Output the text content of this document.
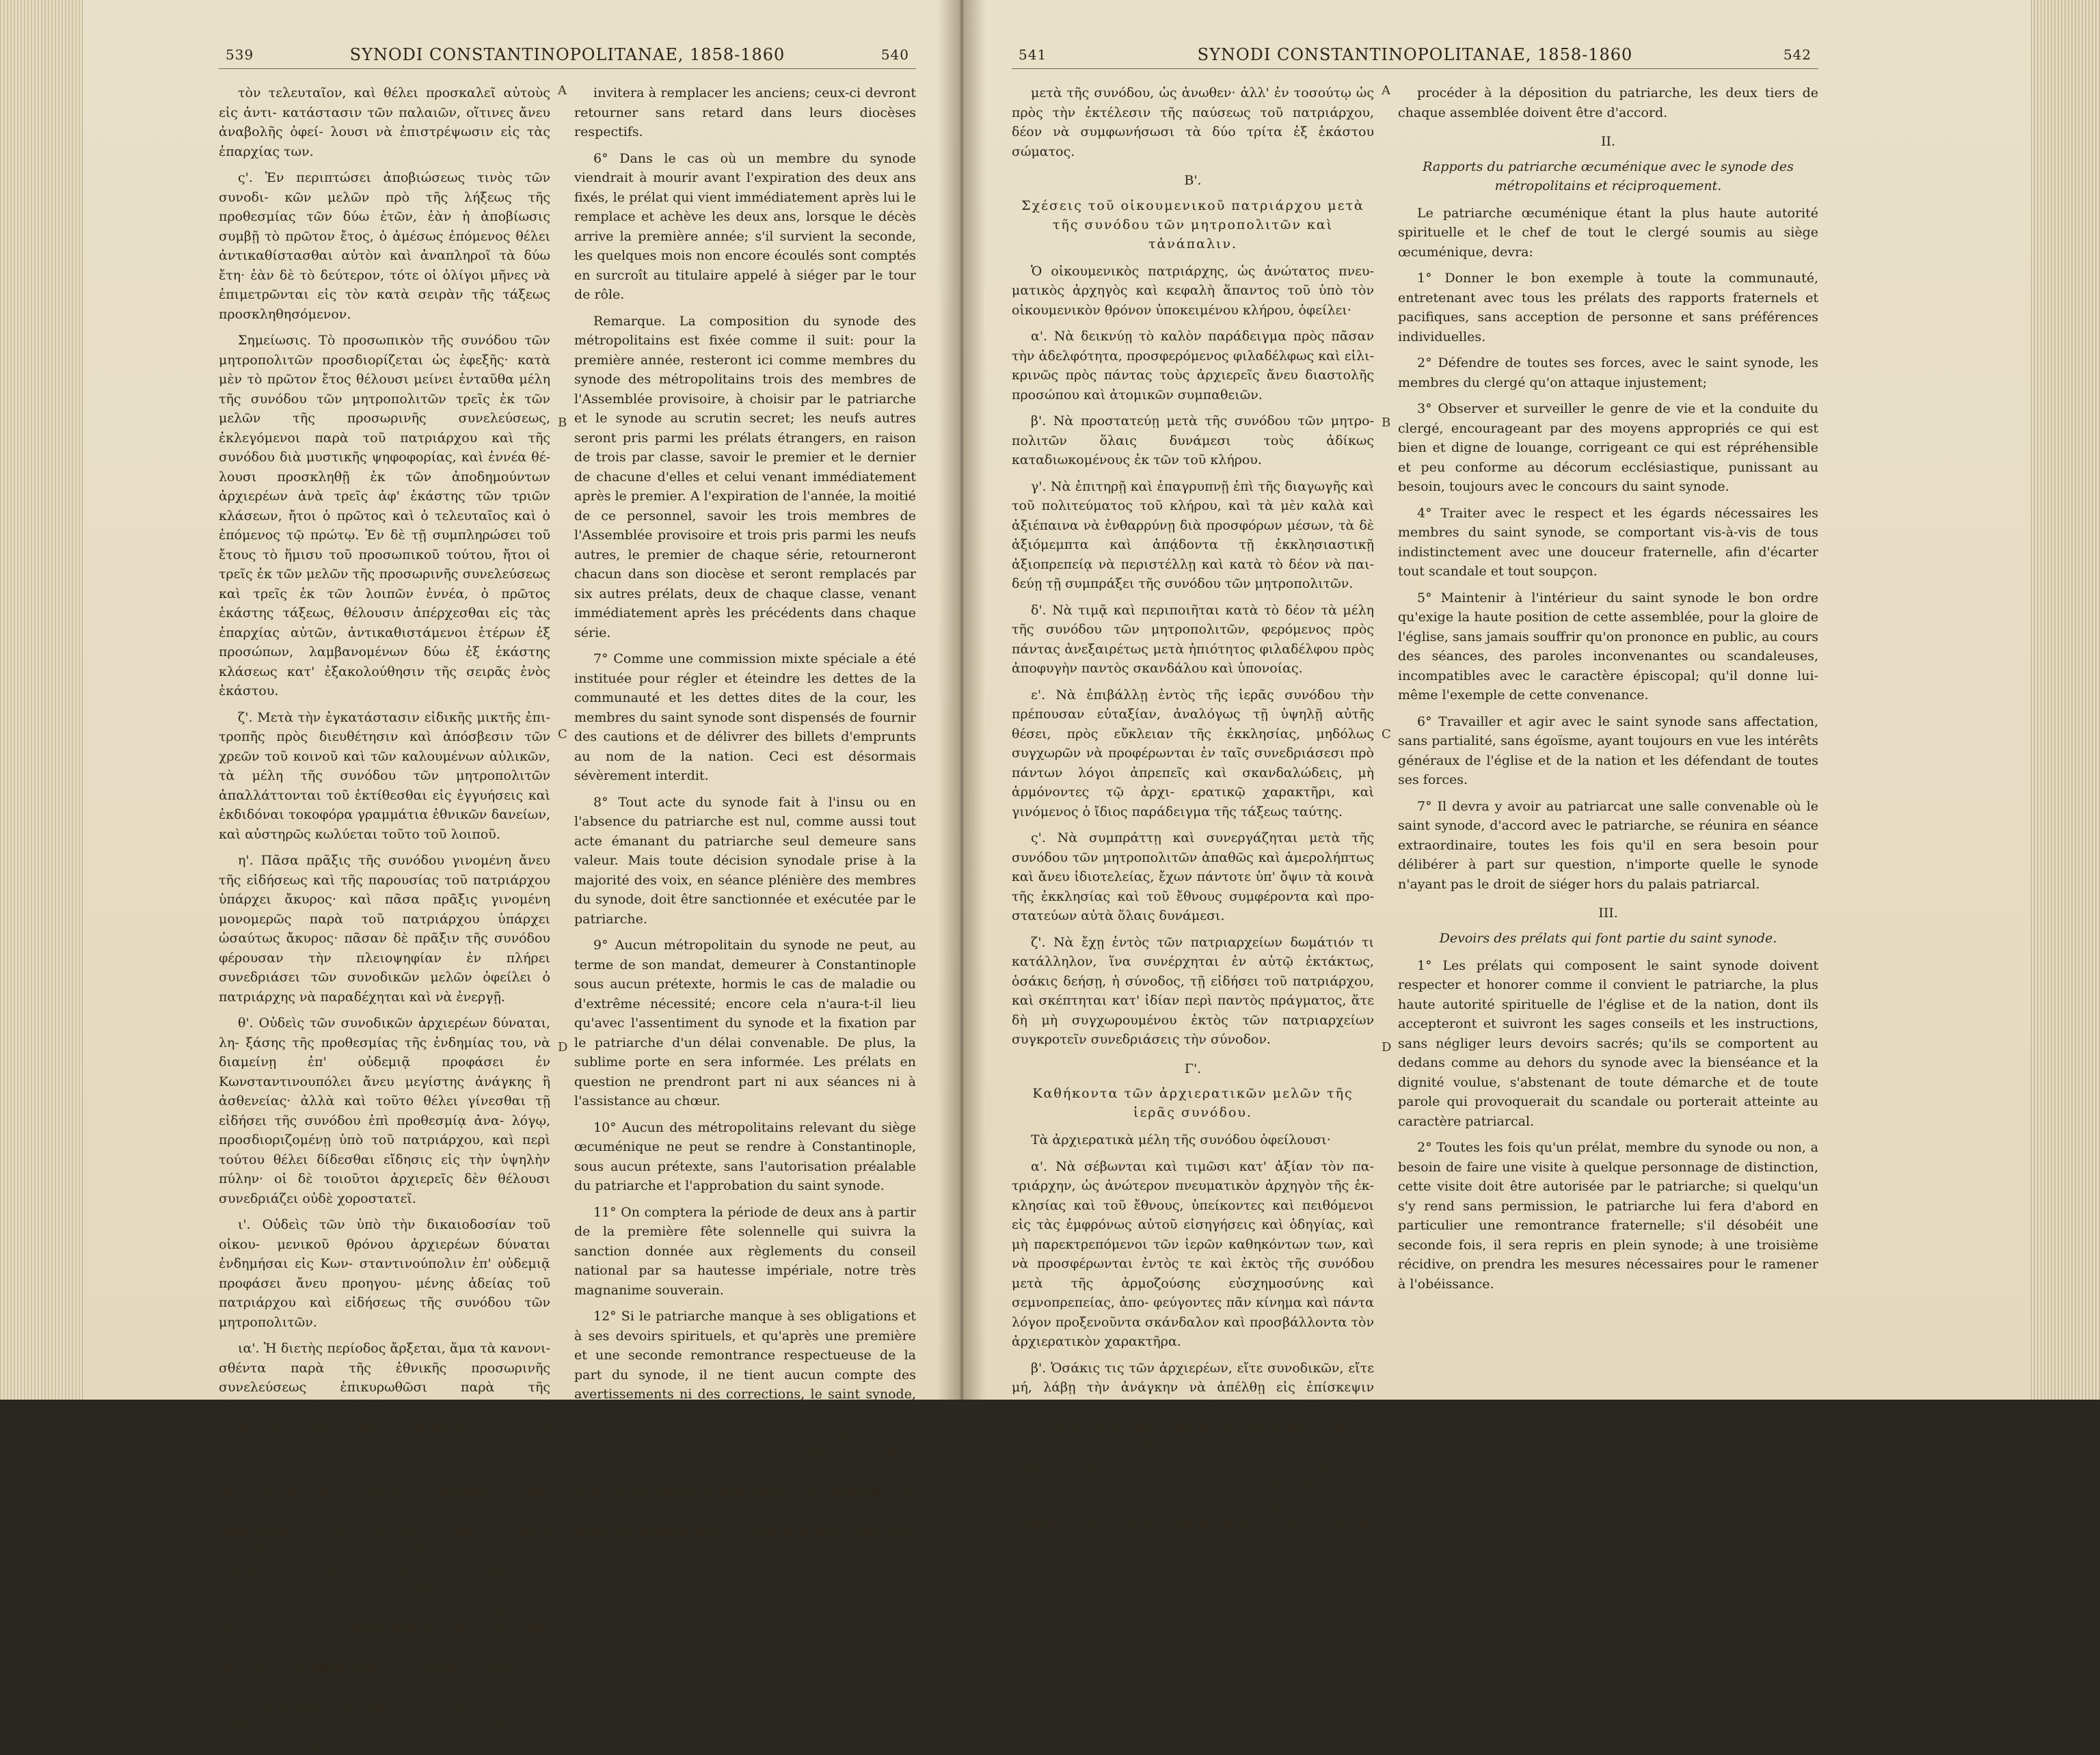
539	SYNODI CONSTANTINOPOLITANAE, 1858-1860	540

τὸν τελευταῖον, καὶ θέλει προσκαλεῖ αὐτοὺς εἰς ἀντι- κατάστασιν τῶν παλαιῶν, οἵτινες ἄνευ ἀναβολῆς ὀφεί- λουσι νὰ ἐπιστρέψωσιν εἰς τὰς ἐπαρχίας των.

ς'. Ἐν περιπτώσει ἀποβιώσεως τινὸς τῶν συνοδι- κῶν μελῶν πρὸ τῆς λήξεως τῆς προθεσμίας τῶν δύω ἐτῶν, ἐὰν ἡ ἀποβίωσις συμβῇ τὸ πρῶτον ἔτος, ὁ ἀμέσως ἐπόμενος θέλει ἀντικαθίστασθαι αὐτὸν καὶ ἀναπληροῖ τὰ δύω ἔτη· ἐὰν δὲ τὸ δεύτερον, τότε οἱ ὀλίγοι μῆνες νὰ ἐπιμετρῶνται εἰς τὸν κατὰ σειρὰν τῆς τάξεως προσκληθησόμενον.

Σημείωσις. Τὸ προσωπικὸν τῆς συνόδου τῶν μητροπολιτῶν προσδιορίζεται ὡς ἐφεξῆς· κατὰ μὲν τὸ πρῶτον ἔτος θέλουσι μείνει ἐνταῦθα μέλη τῆς συνόδου τῶν μητροπολιτῶν τρεῖς ἐκ τῶν μελῶν τῆς προσωρινῆς συνελεύσεως, ἐκλεγόμενοι παρὰ τοῦ πατριάρχου καὶ τῆς συνόδου διὰ μυστικῆς ψηφοφορίας, καὶ ἐννέα θέ- λουσι προσκληθῇ ἐκ τῶν ἀποδημούντων ἀρχιερέων ἀνὰ τρεῖς ἀφ' ἑκάστης τῶν τριῶν κλάσεων, ἤτοι ὁ πρῶτος καὶ ὁ τελευταῖος καὶ ὁ ἐπόμενος τῷ πρώτῳ. Ἐν δὲ τῇ συμπληρώσει τοῦ ἔτους τὸ ἥμισυ τοῦ προσωπικοῦ τούτου, ἤτοι οἱ τρεῖς ἐκ τῶν μελῶν τῆς προσωρινῆς συνελεύσεως καὶ τρεῖς ἐκ τῶν λοιπῶν ἐννέα, ὁ πρῶτος ἑκάστης τάξεως, θέλουσιν ἀπέρχεσθαι εἰς τὰς ἐπαρχίας αὐτῶν, ἀντικαθιστάμενοι ἑτέρων ἐξ προσώπων, λαμβανομένων δύω ἐξ ἑκάστης κλάσεως κατ' ἐξακολούθησιν τῆς σειρᾶς ἐνὸς ἑκάστου.

ζ'. Μετὰ τὴν ἐγκατάστασιν εἰδικῆς μικτῆς ἐπι- τροπῆς πρὸς διευθέτησιν καὶ ἀπόσβεσιν τῶν χρεῶν τοῦ κοινοῦ καὶ τῶν καλουμένων αὐλικῶν, τὰ μέλη τῆς συνόδου τῶν μητροπολιτῶν ἀπαλλάττονται τοῦ ἐκτίθεσθαι εἰς ἐγγυήσεις καὶ ἐκδιδόναι τοκοφόρα γραμμάτια ἐθνικῶν δανείων, καὶ αὐστηρῶς κωλύεται τοῦτο τοῦ λοιποῦ.

η'. Πᾶσα πρᾶξις τῆς συνόδου γινομένη ἄνευ τῆς εἰδήσεως καὶ τῆς παρουσίας τοῦ πατριάρχου ὑπάρχει ἄκυρος· καὶ πᾶσα πρᾶξις γινομένη μονομερῶς παρὰ τοῦ πατριάρχου ὑπάρχει ὡσαύτως ἄκυρος· πᾶσαν δὲ πρᾶξιν τῆς συνόδου φέρουσαν τὴν πλειοψηφίαν ἐν πλήρει συνεδριάσει τῶν συνοδικῶν μελῶν ὀφείλει ὁ πατριάρχης νὰ παραδέχηται καὶ νὰ ἐνεργῇ.

θ'. Οὐδεὶς τῶν συνοδικῶν ἀρχιερέων δύναται, λη- ξάσης τῆς προθεσμίας τῆς ἐνδημίας του, νὰ διαμείνῃ ἐπ' οὐδεμιᾷ προφάσει ἐν Κωνσταντινουπόλει ἄνευ μεγίστης ἀνάγκης ἢ ἀσθενείας· ἀλλὰ καὶ τοῦτο θέλει γίνεσθαι τῇ εἰδήσει τῆς συνόδου ἐπὶ προθεσμίᾳ ἀνα- λόγῳ, προσδιοριζομένῃ ὑπὸ τοῦ πατριάρχου, καὶ περὶ τούτου θέλει δίδεσθαι εἴδησις εἰς τὴν ὑψηλὴν πύλην· οἱ δὲ τοιοῦτοι ἀρχιερεῖς δὲν θέλουσι συνεδριάζει οὐδὲ χοροστατεῖ.

ι'. Οὐδεὶς τῶν ὑπὸ τὴν δικαιοδοσίαν τοῦ οἰκου- μενικοῦ θρόνου ἀρχιερέων δύναται ἐνδημήσαι εἰς Κων- σταντινούπολιν ἐπ' οὐδεμιᾷ προφάσει ἄνευ προηγου- μένης ἀδείας τοῦ πατριάρχου καὶ εἰδήσεως τῆς συνόδου τῶν μητροπολιτῶν.

ια'. Ἡ διετὴς περίοδος ἄρξεται, ἅμα τὰ κανονι- σθέντα παρὰ τῆς ἐθνικῆς προσωρινῆς συνελεύσεως ἐπικυρωθῶσι παρὰ τῆς αὐτοκρατορικῆς αὐτοῦ μεγα- λειότητος τοῦ εὐεργετικωτάτου ἡμῶν ἄνακτος ἐν τῇ προσεχεστέρᾳ ἐπισήμῳ ἑορτῇ.

ιβ'. Ἐὰν ὁ πατριάρχης παρεκτραπῇ τῶν πνευματι- κῶν αὐτοῦ χρεῶν καὶ καθηκόντων, καὶ μετὰ τὴν πρώ- την καὶ δευτέραν εὐσχήμων παρατήρησιν τῆς συνόδου ἤθελε φανῇ ἀνεπίδεκτος συμβουλῆς καὶ διορθώσεως, τότε ἡ σύνοδος τῶν μητροπολιτῶν, συνεννοουμένη με- τὰ τῶν μελῶν τοῦ συστηθησομένου μικτοῦ διαρκοῦς συμβουλίου, ἐπαναλαμβάνει ὁμοῦ τὰς αὐτὰς εὐσχήμους παρατηρήσεις· ἀλλ' ἐὰν καὶ πάλιν ἐπιμένῃ, τότε ἀμ- φότερα ὁμοῦ τὰ σώματα θέλουσιν ἀναφέρεσθαι ἐγ- γράφως πρὸς τὴν ὑψηλὴν πύλην, καὶ ζητεῖ τὴν παῦσίν του· ἐπίσης ἐὰν ὁ πατριάρχης ἀντιβαίνῃ εἰς τὰ πο- λιτικὰ του καθήκοντα, τότε τὸ διαρκὲς μικτὸν συμ- βούλιον θέλει πράξει πρῶτον ἐξ ἑαυτοῦ, καὶ ἔπειτα

invitera à remplacer les anciens; ceux-ci devront retourner sans retard dans leurs diocèses respectifs.

6° Dans le cas où un membre du synode viendrait à mourir avant l'expiration des deux ans fixés, le prélat qui vient immédiatement après lui le remplace et achève les deux ans, lorsque le décès arrive la première année; s'il survient la seconde, les quelques mois non encore écoulés sont comptés en surcroît au titulaire appelé à siéger par le tour de rôle.

Remarque. La composition du synode des métropolitains est fixée comme il suit: pour la première année, resteront ici comme membres du synode des métropolitains trois des membres de l'Assemblée provisoire, à choisir par le patriarche et le synode au scrutin secret; les neufs autres seront pris parmi les prélats étrangers, en raison de trois par classe, savoir le premier et le dernier de chacune d'elles et celui venant immédiatement après le premier. A l'expiration de l'année, la moitié de ce personnel, savoir les trois membres de l'Assemblée provisoire et trois pris parmi les neufs autres, le premier de chaque série, retourneront chacun dans son diocèse et seront remplacés par six autres prélats, deux de chaque classe, venant immédiatement après les précédents dans chaque série.

7° Comme une commission mixte spéciale a été instituée pour régler et éteindre les dettes de la communauté et les dettes dites de la cour, les membres du saint synode sont dispensés de fournir des cautions et de délivrer des billets d'emprunts au nom de la nation. Ceci est désormais sévèrement interdit.

8° Tout acte du synode fait à l'insu ou en l'absence du patriarche est nul, comme aussi tout acte émanant du patriarche seul demeure sans valeur. Mais toute décision synodale prise à la majorité des voix, en séance plénière des membres du synode, doit être sanctionnée et exécutée par le patriarche.

9° Aucun métropolitain du synode ne peut, au terme de son mandat, demeurer à Constantinople sous aucun prétexte, hormis le cas de maladie ou d'extrême nécessité; encore cela n'aura-t-il lieu qu'avec l'assentiment du synode et la fixation par le patriarche d'un délai convenable. De plus, la sublime porte en sera informée. Les prélats en question ne prendront part ni aux séances ni à l'assistance au chœur.

10° Aucun des métropolitains relevant du siège œcuménique ne peut se rendre à Constantinople, sous aucun prétexte, sans l'autorisation préalable du patriarche et l'approbation du saint synode.

11° On comptera la période de deux ans à partir de la première fête solennelle qui suivra la sanction donnée aux règlements du conseil national par sa hautesse impériale, notre très magnanime souverain.

12° Si le patriarche manque à ses obligations et à ses devoirs spirituels, et qu'après une première et une seconde remontrance respectueuse de la part du synode, il ne tient aucun compte des avertissements ni des corrections, le saint synode, de concert avec le conseil mixte permanent qui va être institué, renouvelle ces mêmes respectueuses remontrances; dans le cas où il s'obstine, les deux corps réunis en réfèrent par écrit à la sublime porte et réclament sa déposition. Pareillement, si le patriarche manque à ses devoirs civils, le conseil mixte permanent agit d'abord tout seul, puis avec le saint synode, comme plus haut. Toutefois, pour

A
B
C
D
541	SYNODI CONSTANTINOPOLITANAE, 1858-1860	542

μετὰ τῆς συνόδου, ὡς ἀνωθεν· ἀλλ' ἐν τοσούτῳ ὡς πρὸς τὴν ἐκτέλεσιν τῆς παύσεως τοῦ πατριάρχου, δέον νὰ συμφωνήσωσι τὰ δύο τρίτα ἐξ ἑκάστου σώματος.

Β'.
Σχέσεις τοῦ οἰκουμενικοῦ πατριάρχου μετὰ τῆς συνόδου τῶν μητροπολιτῶν καὶ τἀνάπαλιν.

Ὁ οἰκουμενικὸς πατριάρχης, ὡς ἀνώτατος πνευ- ματικὸς ἀρχηγὸς καὶ κεφαλὴ ἅπαντος τοῦ ὑπὸ τὸν οἰκουμενικὸν θρόνον ὑποκειμένου κλήρου, ὀφείλει·

α'. Νὰ δεικνύῃ τὸ καλὸν παράδειγμα πρὸς πᾶσαν τὴν ἀδελφότητα, προσφερόμενος φιλαδέλφως καὶ εἰλι- κρινῶς πρὸς πάντας τοὺς ἀρχιερεῖς ἄνευ διαστολῆς προσώπου καὶ ἀτομικῶν συμπαθειῶν.

β'. Νὰ προστατεύῃ μετὰ τῆς συνόδου τῶν μητρο- πολιτῶν ὅλαις δυνάμεσι τοὺς ἀδίκως καταδιωκομένους ἐκ τῶν τοῦ κλήρου.

γ'. Νὰ ἐπιτηρῇ καὶ ἐπαγρυπνῇ ἐπὶ τῆς διαγωγῆς καὶ τοῦ πολιτεύματος τοῦ κλήρου, καὶ τὰ μὲν καλὰ καὶ ἀξιέπαινα νὰ ἐνθαρρύνῃ διὰ προσφόρων μέσων, τὰ δὲ ἀξιόμεμπτα καὶ ἀπᾴδοντα τῇ ἐκκλησιαστικῇ ἀξιοπρεπείᾳ νὰ περιστέλλῃ καὶ κατὰ τὸ δέον νὰ παι- δεύῃ τῇ συμπράξει τῆς συνόδου τῶν μητροπολιτῶν.

δ'. Νὰ τιμᾷ καὶ περιποιῆται κατὰ τὸ δέον τὰ μέλη τῆς συνόδου τῶν μητροπολιτῶν, φερόμενος πρὸς πάντας ἀνεξαιρέτως μετὰ ἠπιότητος φιλαδέλφου πρὸς ἀποφυγὴν παντὸς σκανδάλου καὶ ὑπονοίας.

ε'. Νὰ ἐπιβάλλῃ ἐντὸς τῆς ἱερᾶς συνόδου τὴν πρέπουσαν εὐταξίαν, ἀναλόγως τῇ ὑψηλῇ αὐτῆς θέσει, πρὸς εὔκλειαν τῆς ἐκκλησίας, μηδόλως συγχωρῶν νὰ προφέρωνται ἐν ταῖς συνεδριάσεσι πρὸ πάντων λόγοι ἀπρεπεῖς καὶ σκανδαλώδεις, μὴ ἁρμόνοντες τῷ ἀρχι- ερατικῷ χαρακτῆρι, καὶ γινόμενος ὁ ἴδιος παράδειγμα τῆς τάξεως ταύτης.

ς'. Νὰ συμπράττῃ καὶ συνεργάζηται μετὰ τῆς συνόδου τῶν μητροπολιτῶν ἀπαθῶς καὶ ἀμερολήπτως καὶ ἄνευ ἰδιοτελείας, ἔχων πάντοτε ὑπ' ὄψιν τὰ κοινὰ τῆς ἐκκλησίας καὶ τοῦ ἔθνους συμφέροντα καὶ προ- στατεύων αὐτὰ ὅλαις δυνάμεσι.

ζ'. Νὰ ἔχῃ ἐντὸς τῶν πατριαρχείων δωμάτιόν τι κατάλληλον, ἵνα συνέρχηται ἐν αὐτῷ ἐκτάκτως, ὁσάκις δεήσῃ, ἡ σύνοδος, τῇ εἰδήσει τοῦ πατριάρχου, καὶ σκέπτηται κατ' ἰδίαν περὶ παντὸς πράγματος, ἅτε δὴ μὴ συγχωρουμένου ἐκτὸς τῶν πατριαρχείων συγκροτεῖν συνεδριάσεις τὴν σύνοδον.

Γ'.
Καθήκοντα τῶν ἀρχιερατικῶν μελῶν τῆς ἱερᾶς συνόδου.

Τὰ ἀρχιερατικὰ μέλη τῆς συνόδου ὀφείλουσι·

α'. Νὰ σέβωνται καὶ τιμῶσι κατ' ἀξίαν τὸν πα- τριάρχην, ὡς ἀνώτερον πνευματικὸν ἀρχηγὸν τῆς ἐκ- κλησίας καὶ τοῦ ἔθνους, ὑπείκοντες καὶ πειθόμενοι εἰς τὰς ἐμφρόνως αὐτοῦ εἰσηγήσεις καὶ ὁδηγίας, καὶ μὴ παρεκτρεπόμενοι τῶν ἱερῶν καθηκόντων των, καὶ νὰ προσφέρωνται ἐντὸς τε καὶ ἐκτὸς τῆς συνόδου μετὰ τῆς ἁρμοζούσης εὐσχημοσύνης καὶ σεμνοπρεπείας, ἀπο- φεύγοντες πᾶν κίνημα καὶ πάντα λόγον προξενοῦντα σκάνδαλον καὶ προσβάλλοντα τὸν ἀρχιερατικὸν χαρακτῆρα.

β'. Ὁσάκις τις τῶν ἀρχιερέων, εἴτε συνοδικῶν, εἴτε μή, λάβῃ τὴν ἀνάγκην νὰ ἀπέλθῃ εἰς ἐπίσκεψιν ὑπερόχου τινος προσώπου, ἡ ἐπίσκεψις αὕτη θέλει γίνε- σθαι τῇ συνήθει ἀδείᾳ τοῦ πατριάρχου· ἂν δὲ φανῇ τις ἄνευ ἀδείας ἀπερχόμενος, πρῶτον νὰ συμβουλεύηται κατ' ἰδίαν φιλαδέλφως παρὰ τοῦ πατριάρχου, δεύτερον δέ, ἂν ἀπειθήσῃ, νὰ ἐπιπλήττηται συνοδικῶς, καὶ τρί- τον νὰ λαμβάνωνται τὰ ἀπαιτούμενα μέτρα, ὅσα δύ- νανται νὰ τὸν ἐπαναφέρωσιν εἰς τὴν εὐπείθειαν.

procéder à la déposition du patriarche, les deux tiers de chaque assemblée doivent être d'accord.

II.
Rapports du patriarche œcuménique avec le synode des métropolitains et réciproquement.

Le patriarche œcuménique étant la plus haute autorité spirituelle et le chef de tout le clergé soumis au siège œcuménique, devra:

1° Donner le bon exemple à toute la communauté, entretenant avec tous les prélats des rapports fraternels et pacifiques, sans acception de personne et sans préférences individuelles.

2° Défendre de toutes ses forces, avec le saint synode, les membres du clergé qu'on attaque injustement;

3° Observer et surveiller le genre de vie et la conduite du clergé, encourageant par des moyens appropriés ce qui est bien et digne de louange, corrigeant ce qui est répréhensible et peu conforme au décorum ecclésiastique, punissant au besoin, toujours avec le concours du saint synode.

4° Traiter avec le respect et les égards nécessaires les membres du saint synode, se comportant vis-à-vis de tous indistinctement avec une douceur fraternelle, afin d'écarter tout scandale et tout soupçon.

5° Maintenir à l'intérieur du saint synode le bon ordre qu'exige la haute position de cette assemblée, pour la gloire de l'église, sans jamais souffrir qu'on prononce en public, au cours des séances, des paroles inconvenantes ou scandaleuses, incompatibles avec le caractère épiscopal; qu'il donne lui-même l'exemple de cette convenance.

6° Travailler et agir avec le saint synode sans affectation, sans partialité, sans égoïsme, ayant toujours en vue les intérêts généraux de l'église et de la nation et les défendant de toutes ses forces.

7° Il devra y avoir au patriarcat une salle convenable où le saint synode, d'accord avec le patriarche, se réunira en séance extraordinaire, toutes les fois qu'il en sera besoin pour délibérer à part sur question, n'importe quelle le synode n'ayant pas le droit de siéger hors du palais patriarcal.

III.
Devoirs des prélats qui font partie du saint synode.

1° Les prélats qui composent le saint synode doivent respecter et honorer comme il convient le patriarche, la plus haute autorité spirituelle de l'église et de la nation, dont ils accepteront et suivront les sages conseils et les instructions, sans négliger leurs devoirs sacrés; qu'ils se comportent au dedans comme au dehors du synode avec la bienséance et la dignité voulue, s'abstenant de toute démarche et de toute parole qui provoquerait du scandale ou porterait atteinte au caractère patriarcal.

2° Toutes les fois qu'un prélat, membre du synode ou non, a besoin de faire une visite à quelque personnage de distinction, cette visite doit être autorisée par le patriarche; si quelqu'un s'y rend sans permission, le patriarche lui fera d'abord en particulier une remontrance fraternelle; s'il désobéit une seconde fois, il sera repris en plein synode; à une troisième récidive, on prendra les mesures nécessaires pour le ramener à l'obéissance.

A
B
C
D
